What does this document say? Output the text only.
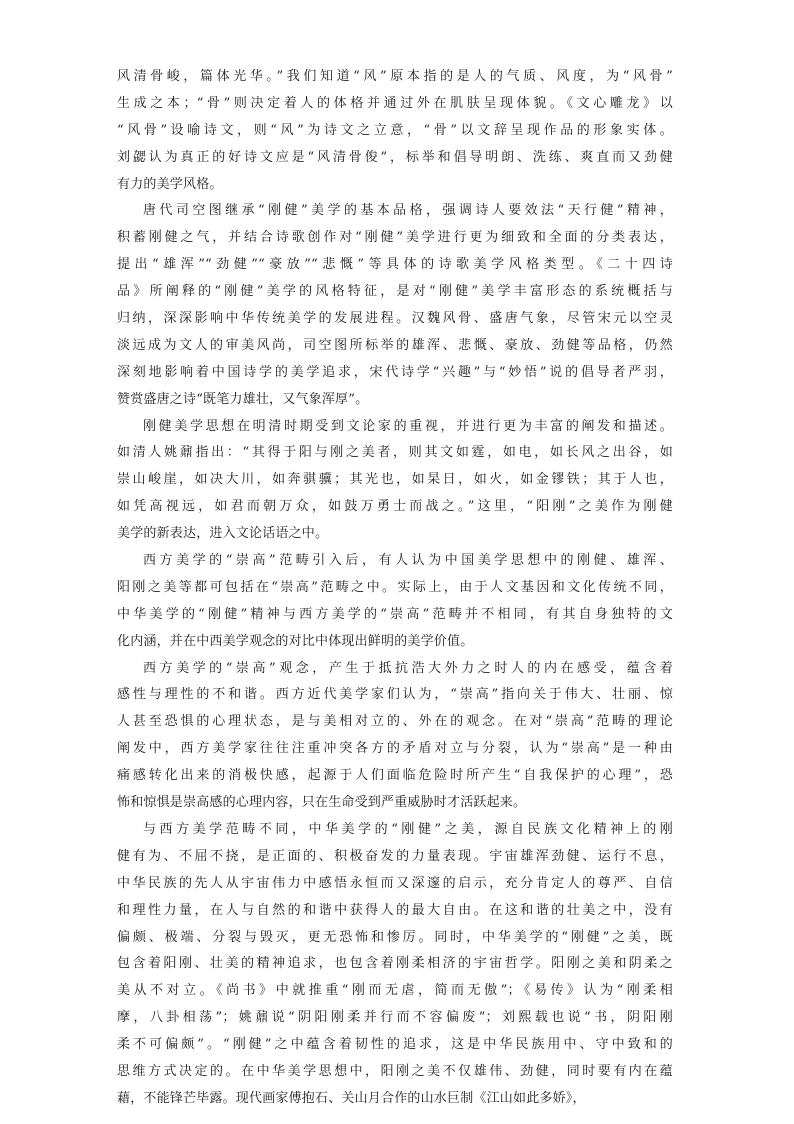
风清骨峻，篇体光华。”我们知道“风”原本指的是人的气质、风度，为“风骨”
生成之本；“骨”则决定着人的体格并通过外在肌肤呈现体貌。《文心雕龙》以
“风骨”设喻诗文，则“风”为诗文之立意，“骨”以文辞呈现作品的形象实体。
刘勰认为真正的好诗文应是“风清骨俊”，标举和倡导明朗、洗练、爽直而又劲健
有力的美学风格。
唐代司空图继承“刚健”美学的基本品格，强调诗人要效法“天行健”精神，
积蓄刚健之气，并结合诗歌创作对“刚健”美学进行更为细致和全面的分类表达，
提出“雄浑”“劲健”“豪放”“悲慨”等具体的诗歌美学风格类型。《二十四诗
品》所阐释的“刚健”美学的风格特征，是对“刚健”美学丰富形态的系统概括与
归纳，深深影响中华传统美学的发展进程。汉魏风骨、盛唐气象，尽管宋元以空灵
淡远成为文人的审美风尚，司空图所标举的雄浑、悲慨、豪放、劲健等品格，仍然
深刻地影响着中国诗学的美学追求，宋代诗学“兴趣”与“妙悟”说的倡导者严羽，
赞赏盛唐之诗“既笔力雄壮，又气象浑厚”。
刚健美学思想在明清时期受到文论家的重视，并进行更为丰富的阐发和描述。
如清人姚鼐指出：“其得于阳与刚之美者，则其文如霆，如电，如长风之出谷，如
崇山峻崖，如决大川，如奔骐骥；其光也，如杲日，如火，如金镠铁；其于人也，
如凭高视远，如君而朝万众，如鼓万勇士而战之。”这里，“阳刚”之美作为刚健
美学的新表达，进入文论话语之中。
西方美学的“崇高”范畴引入后，有人认为中国美学思想中的刚健、雄浑、
阳刚之美等都可包括在“崇高”范畴之中。实际上，由于人文基因和文化传统不同，
中华美学的“刚健”精神与西方美学的“崇高”范畴并不相同，有其自身独特的文
化内涵，并在中西美学观念的对比中体现出鲜明的美学价值。
西方美学的“崇高”观念，产生于抵抗浩大外力之时人的内在感受，蕴含着
感性与理性的不和谐。西方近代美学家们认为，“崇高”指向关于伟大、壮丽、惊
人甚至恐惧的心理状态，是与美相对立的、外在的观念。在对“崇高”范畴的理论
阐发中，西方美学家往往注重冲突各方的矛盾对立与分裂，认为“崇高”是一种由
痛感转化出来的消极快感，起源于人们面临危险时所产生“自我保护的心理”，恐
怖和惊惧是崇高感的心理内容，只在生命受到严重威胁时才活跃起来。
与西方美学范畴不同，中华美学的“刚健”之美，源自民族文化精神上的刚
健有为、不屈不挠，是正面的、积极奋发的力量表现。宇宙雄浑劲健、运行不息，
中华民族的先人从宇宙伟力中感悟永恒而又深邃的启示，充分肯定人的尊严、自信
和理性力量，在人与自然的和谐中获得人的最大自由。在这和谐的壮美之中，没有
偏颇、极端、分裂与毁灭，更无恐怖和惨厉。同时，中华美学的“刚健”之美，既
包含着阳刚、壮美的精神追求，也包含着刚柔相济的宇宙哲学。阳刚之美和阴柔之
美从不对立。《尚书》中就推重“刚而无虐，简而无傲”；《易传》认为“刚柔相
摩，八卦相荡”；姚鼐说“阴阳刚柔并行而不容偏废”；刘熙载也说“书，阴阳刚
柔不可偏颇”。“刚健”之中蕴含着韧性的追求，这是中华民族用中、守中致和的
思维方式决定的。在中华美学思想中，阳刚之美不仅雄伟、劲健，同时要有内在蕴
藉，不能锋芒毕露。现代画家傅抱石、关山月合作的山水巨制《江山如此多娇》，
